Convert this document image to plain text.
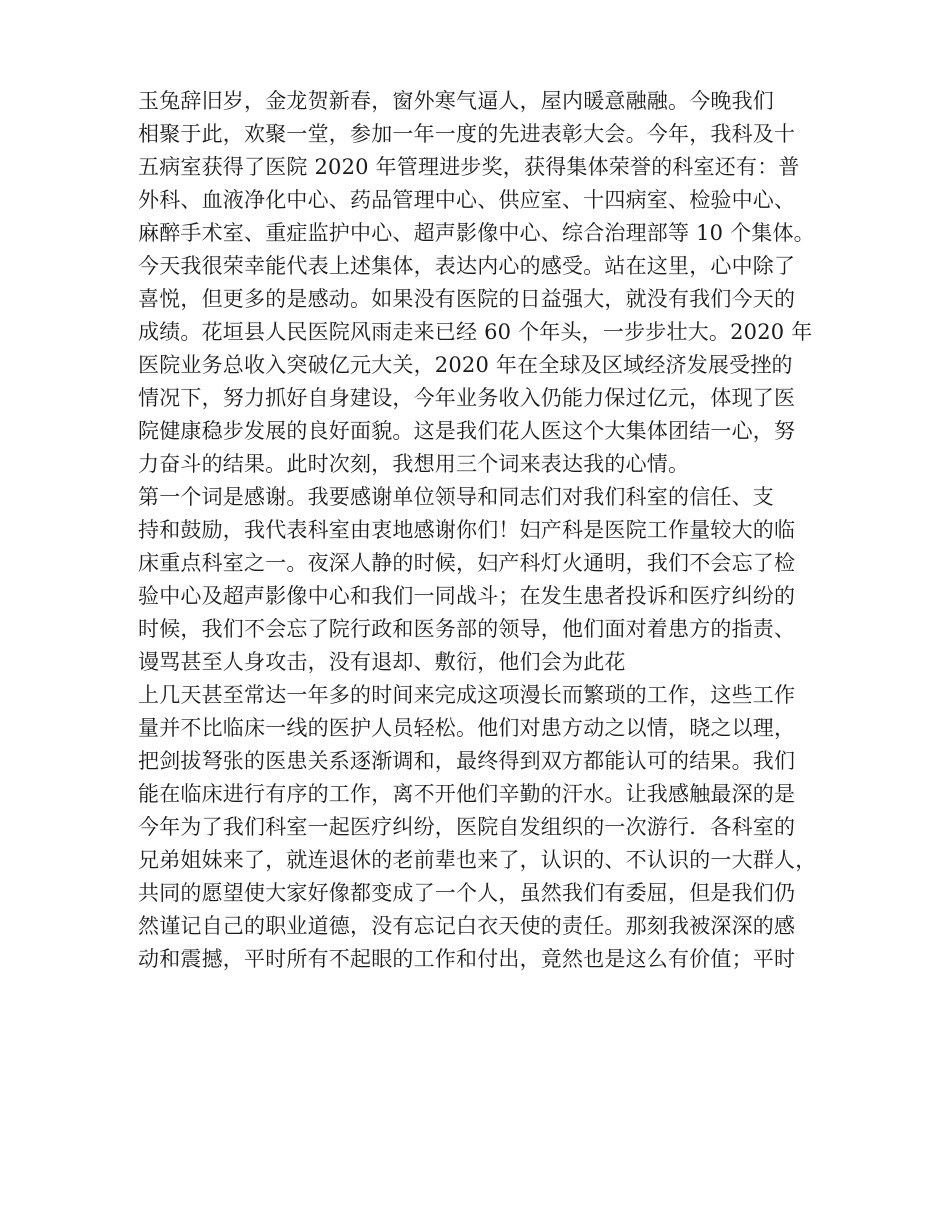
玉兔辞旧岁，金龙贺新春，窗外寒气逼人，屋内暖意融融。今晚我们
相聚于此，欢聚一堂，参加一年一度的先进表彰大会。今年，我科及十
五病室获得了医院 2020 年管理进步奖，获得集体荣誉的科室还有：普
外科、血液净化中心、药品管理中心、供应室、十四病室、检验中心、
麻醉手术室、重症监护中心、超声影像中心、综合治理部等 10 个集体。
今天我很荣幸能代表上述集体，表达内心的感受。站在这里，心中除了
喜悦，但更多的是感动。如果没有医院的日益强大，就没有我们今天的
成绩。花垣县人民医院风雨走来已经 60 个年头，一步步壮大。2020 年
医院业务总收入突破亿元大关，2020 年在全球及区域经济发展受挫的
情况下，努力抓好自身建设，今年业务收入仍能力保过亿元，体现了医
院健康稳步发展的良好面貌。这是我们花人医这个大集体团结一心，努
力奋斗的结果。此时次刻，我想用三个词来表达我的心情。
第一个词是感谢。我要感谢单位领导和同志们对我们科室的信任、支
持和鼓励，我代表科室由衷地感谢你们！妇产科是医院工作量较大的临
床重点科室之一。夜深人静的时候，妇产科灯火通明，我们不会忘了检
验中心及超声影像中心和我们一同战斗；在发生患者投诉和医疗纠纷的
时候，我们不会忘了院行政和医务部的领导，他们面对着患方的指责、
谩骂甚至人身攻击，没有退却、敷衍，他们会为此花
上几天甚至常达一年多的时间来完成这项漫长而繁琐的工作，这些工作
量并不比临床一线的医护人员轻松。他们对患方动之以情，晓之以理，
把剑拔弩张的医患关系逐渐调和，最终得到双方都能认可的结果。我们
能在临床进行有序的工作，离不开他们辛勤的汗水。让我感触最深的是
今年为了我们科室一起医疗纠纷，医院自发组织的一次游行．各科室的
兄弟姐妹来了，就连退休的老前辈也来了，认识的、不认识的一大群人，
共同的愿望使大家好像都变成了一个人，虽然我们有委屈，但是我们仍
然谨记自己的职业道德，没有忘记白衣天使的责任。那刻我被深深的感
动和震撼，平时所有不起眼的工作和付出，竟然也是这么有价值；平时
